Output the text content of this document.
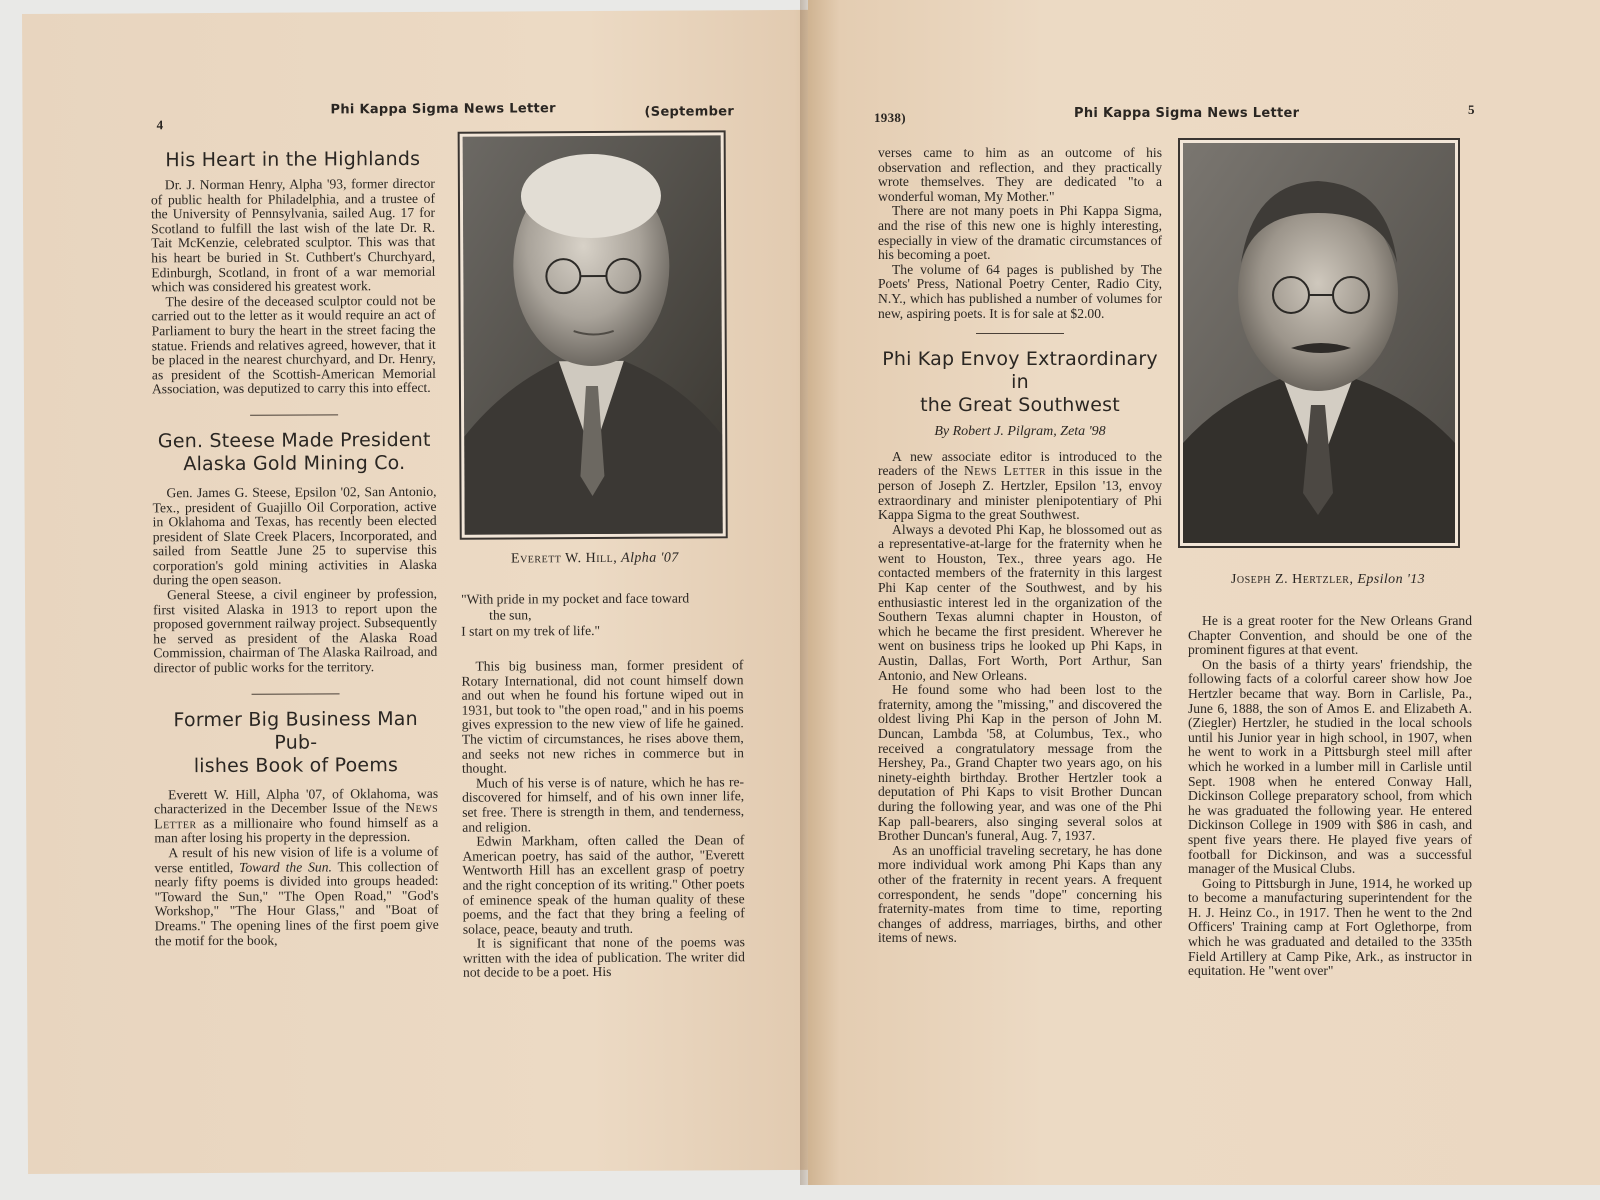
4
Phi Kappa Sigma News Letter	(September
His Heart in the Highlands

Dr. J. Norman Henry, Alpha '93, former director of public health for Philadelphia, and a trustee of the University of Pennsylvania, sailed Aug. 17 for Scotland to fulfill the last wish of the late Dr. R. Tait McKenzie, celebrated sculptor. This was that his heart be buried in St. Cuthbert's Churchyard, Edinburgh, Scotland, in front of a war memorial which was considered his greatest work.

The desire of the deceased sculptor could not be carried out to the letter as it would require an act of Parliament to bury the heart in the street facing the statue. Friends and relatives agreed, however, that it be placed in the nearest churchyard, and Dr. Henry, as president of the Scottish-American Memorial Association, was deputized to carry this into effect.

Gen. Steese Made President
Alaska Gold Mining Co.

Gen. James G. Steese, Epsilon '02, San Antonio, Tex., president of Guajillo Oil Corporation, active in Oklahoma and Texas, has recently been elected president of Slate Creek Placers, Incorporated, and sailed from Seattle June 25 to supervise this corporation's gold mining activities in Alaska during the open season.

General Steese, a civil engineer by profession, first visited Alaska in 1913 to report upon the proposed government railway project. Subsequently he served as president of the Alaska Road Commission, chairman of The Alaska Railroad, and director of public works for the territory.

Former Big Business Man Pub-
lishes Book of Poems

Everett W. Hill, Alpha '07, of Oklahoma, was characterized in the December Issue of the News Letter as a millionaire who found himself as a man after losing his property in the depression.

A result of his new vision of life is a volume of verse entitled, Toward the Sun. This collection of nearly fifty poems is divided into groups headed: "Toward the Sun," "The Open Road," "God's Workshop," "The Hour Glass," and "Boat of Dreams." The opening lines of the first poem give the motif for the book,

Everett W. Hill, Alpha '07
"With pride in my pocket and face toward
the sun,
I start on my trek of life."

This big business man, former president of Rotary International, did not count himself down and out when he found his fortune wiped out in 1931, but took to "the open road," and in his poems gives expression to the new view of life he gained. The victim of circumstances, he rises above them, and seeks not new riches in commerce but in thought.

Much of his verse is of nature, which he has re-discovered for himself, and of his own inner life, set free. There is strength in them, and tenderness, and religion.

Edwin Markham, often called the Dean of American poetry, has said of the author, "Everett Wentworth Hill has an excellent grasp of poetry and the right conception of its writing." Other poets of eminence speak of the human quality of these poems, and the fact that they bring a feeling of solace, peace, beauty and truth.

It is significant that none of the poems was written with the idea of publication. The writer did not decide to be a poet. His

1938)	Phi Kappa Sigma News Letter	5

verses came to him as an outcome of his observation and reflection, and they practically wrote themselves. They are dedicated "to a wonderful woman, My Mother."

There are not many poets in Phi Kappa Sigma, and the rise of this new one is highly interesting, especially in view of the dramatic circumstances of his becoming a poet.

The volume of 64 pages is published by The Poets' Press, National Poetry Center, Radio City, N.Y., which has published a number of volumes for new, aspiring poets. It is for sale at $2.00.

Phi Kap Envoy Extraordinary in
the Great Southwest
By Robert J. Pilgram, Zeta '98

A new associate editor is introduced to the readers of the News Letter in this issue in the person of Joseph Z. Hertzler, Epsilon '13, envoy extraordinary and minister plenipotentiary of Phi Kappa Sigma to the great Southwest.

Always a devoted Phi Kap, he blossomed out as a representative-at-large for the fraternity when he went to Houston, Tex., three years ago. He contacted members of the fraternity in this largest Phi Kap center of the Southwest, and by his enthusiastic interest led in the organization of the Southern Texas alumni chapter in Houston, of which he became the first president. Wherever he went on business trips he looked up Phi Kaps, in Austin, Dallas, Fort Worth, Port Arthur, San Antonio, and New Orleans.

He found some who had been lost to the fraternity, among the "missing," and discovered the oldest living Phi Kap in the person of John M. Duncan, Lambda '58, at Columbus, Tex., who received a congratulatory message from the Hershey, Pa., Grand Chapter two years ago, on his ninety-eighth birthday. Brother Hertzler took a deputation of Phi Kaps to visit Brother Duncan during the following year, and was one of the Phi Kap pall-bearers, also singing several solos at Brother Duncan's funeral, Aug. 7, 1937.

As an unofficial traveling secretary, he has done more individual work among Phi Kaps than any other of the fraternity in recent years. A frequent correspondent, he sends "dope" concerning his fraternity-mates from time to time, reporting changes of address, marriages, births, and other items of news.

Joseph Z. Hertzler, Epsilon '13

He is a great rooter for the New Orleans Grand Chapter Convention, and should be one of the prominent figures at that event.

On the basis of a thirty years' friendship, the following facts of a colorful career show how Joe Hertzler became that way. Born in Carlisle, Pa., June 6, 1888, the son of Amos E. and Elizabeth A. (Ziegler) Hertzler, he studied in the local schools until his Junior year in high school, in 1907, when he went to work in a Pittsburgh steel mill after which he worked in a lumber mill in Carlisle until Sept. 1908 when he entered Conway Hall, Dickinson College preparatory school, from which he was graduated the following year. He entered Dickinson College in 1909 with $86 in cash, and spent five years there. He played five years of football for Dickinson, and was a successful manager of the Musical Clubs.

Going to Pittsburgh in June, 1914, he worked up to become a manufacturing superintendent for the H. J. Heinz Co., in 1917. Then he went to the 2nd Officers' Training camp at Fort Oglethorpe, from which he was graduated and detailed to the 335th Field Artillery at Camp Pike, Ark., as instructor in equitation. He "went over"
